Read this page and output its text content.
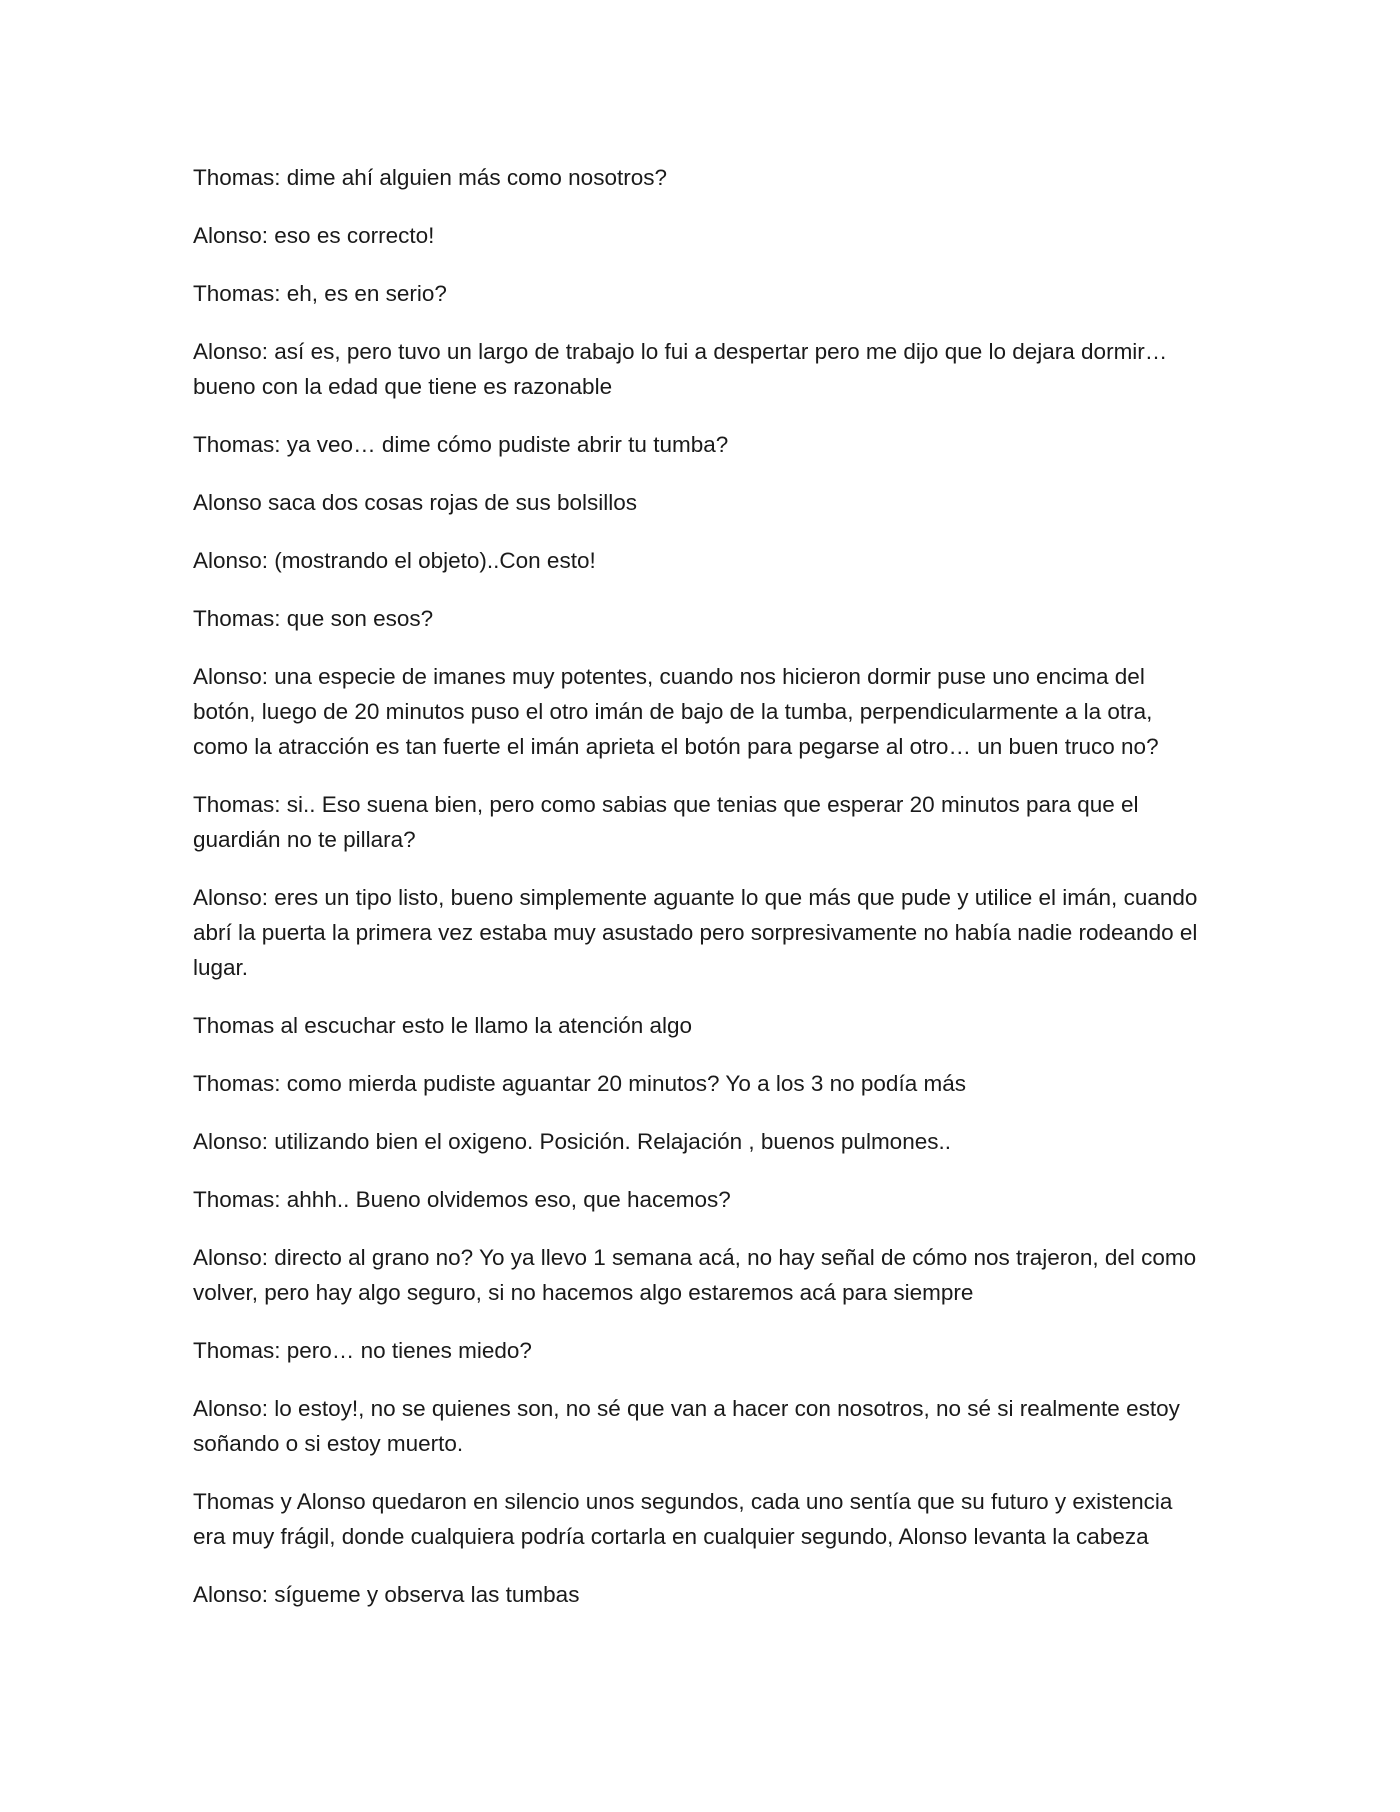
Thomas: dime ahí alguien más como nosotros?

Alonso: eso es correcto!

Thomas: eh, es en serio?

Alonso: así es, pero tuvo un largo de trabajo lo fui a despertar pero me dijo que lo dejara dormir… bueno con la edad que tiene es razonable

Thomas: ya veo… dime cómo pudiste abrir tu tumba?

Alonso saca dos cosas rojas de sus bolsillos

Alonso: (mostrando el objeto)..Con esto!

Thomas: que son esos?

Alonso: una especie de imanes muy potentes, cuando nos hicieron dormir puse uno encima del botón, luego de 20 minutos puso el otro imán de bajo de la tumba, perpendicularmente a la otra, como la atracción es tan fuerte el imán aprieta el botón para pegarse al otro… un buen truco no?

Thomas: si.. Eso suena bien, pero como sabias que tenias que esperar 20 minutos para que el guardián no te pillara?

Alonso: eres un tipo listo, bueno simplemente aguante lo que más que pude y utilice el imán, cuando abrí la puerta la primera vez estaba muy asustado pero sorpresivamente no había nadie rodeando el lugar.

Thomas al escuchar esto le llamo la atención algo

Thomas: como mierda pudiste aguantar 20 minutos? Yo a los 3 no podía más

Alonso: utilizando bien el oxigeno. Posición. Relajación , buenos pulmones..

Thomas: ahhh.. Bueno olvidemos eso, que hacemos?

Alonso: directo al grano no? Yo ya llevo 1 semana acá, no hay señal de cómo nos trajeron, del como volver, pero hay algo seguro, si no hacemos algo estaremos acá para siempre

Thomas: pero… no tienes miedo?

Alonso: lo estoy!, no se quienes son, no sé que van a hacer con nosotros, no sé si realmente estoy soñando o si estoy muerto.

Thomas y Alonso quedaron en silencio unos segundos, cada uno sentía que su futuro y existencia era muy frágil, donde cualquiera podría cortarla en cualquier segundo, Alonso levanta la cabeza

Alonso: sígueme y observa las tumbas
